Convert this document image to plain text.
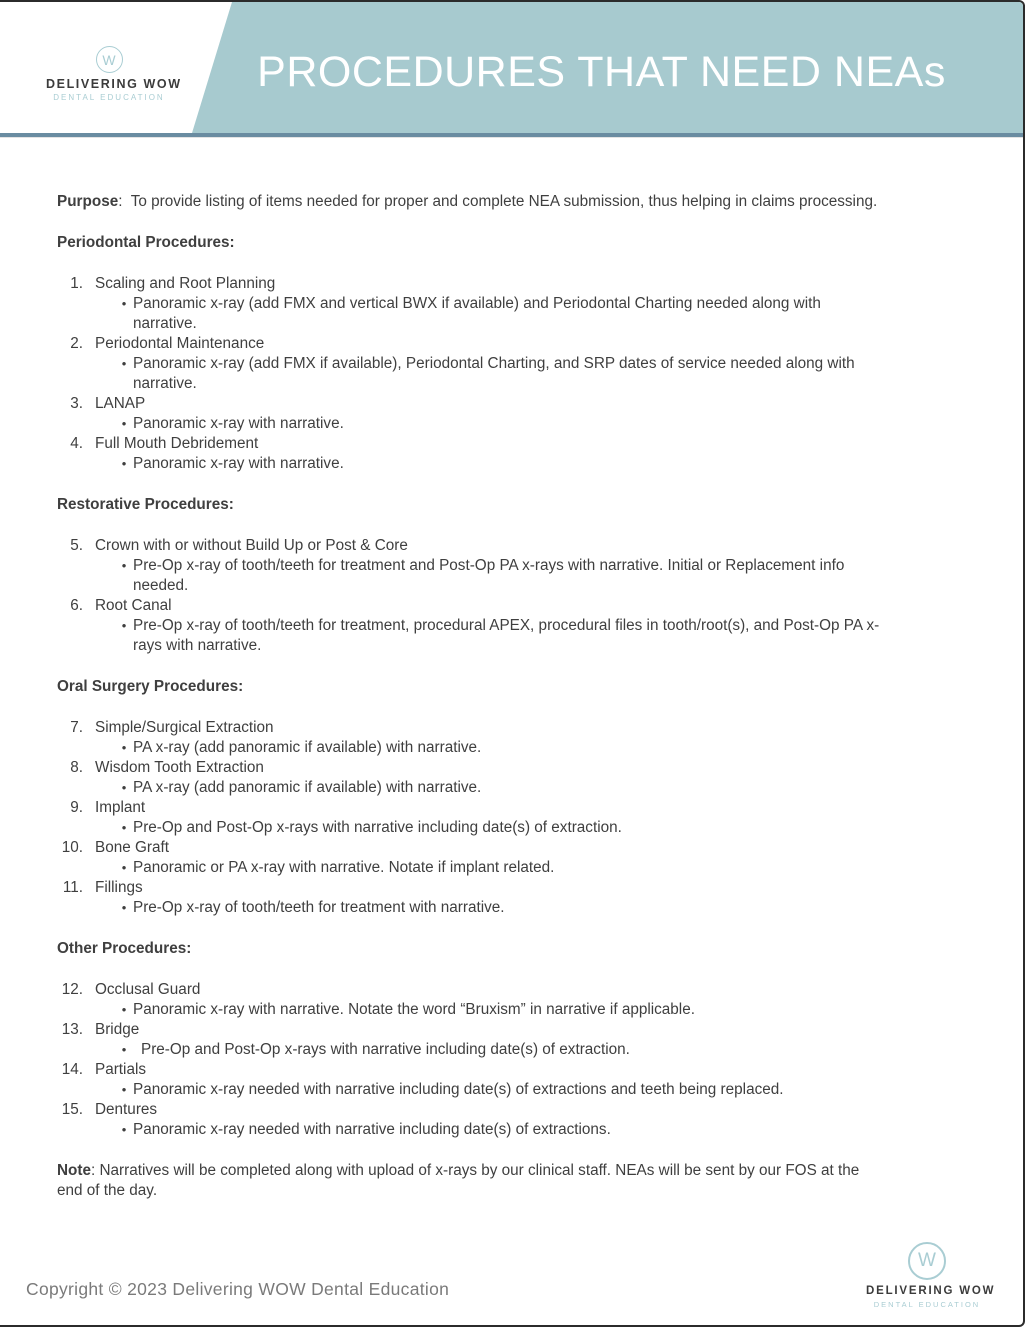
PROCEDURES THAT NEED NEAs
W
DELIVERING WOW
DENTAL EDUCATION

Purpose:  To provide listing of items needed for proper and complete NEA submission, thus helping in claims processing.

Periodontal Procedures:
1. Scaling and Root Planning
• Panoramic x-ray (add FMX and vertical BWX if available) and Periodontal Charting needed along with
narrative.
2. Periodontal Maintenance
• Panoramic x-ray (add FMX if available), Periodontal Charting, and SRP dates of service needed along with
narrative.
3. LANAP
• Panoramic x-ray with narrative.
4. Full Mouth Debridement
• Panoramic x-ray with narrative.
Restorative Procedures:
5. Crown with or without Build Up or Post & Core
• Pre-Op x-ray of tooth/teeth for treatment and Post-Op PA x-rays with narrative. Initial or Replacement info
needed.
6. Root Canal
• Pre-Op x-ray of tooth/teeth for treatment, procedural APEX, procedural files in tooth/root(s), and Post-Op PA x-
rays with narrative.
Oral Surgery Procedures:
7. Simple/Surgical Extraction
• PA x-ray (add panoramic if available) with narrative.
8. Wisdom Tooth Extraction
• PA x-ray (add panoramic if available) with narrative.
9. Implant
• Pre-Op and Post-Op x-rays with narrative including date(s) of extraction.
10. Bone Graft
• Panoramic or PA x-ray with narrative. Notate if implant related.
11. Fillings
• Pre-Op x-ray of tooth/teeth for treatment with narrative.
Other Procedures:
12. Occlusal Guard
• Panoramic x-ray with narrative. Notate the word “Bruxism” in narrative if applicable.
13. Bridge
• Pre-Op and Post-Op x-rays with narrative including date(s) of extraction.
14. Partials
• Panoramic x-ray needed with narrative including date(s) of extractions and teeth being replaced.
15. Dentures
• Panoramic x-ray needed with narrative including date(s) of extractions.

Note: Narratives will be completed along with upload of x-rays by our clinical staff. NEAs will be sent by our FOS at the
end of the day.

Copyright © 2023 Delivering WOW Dental Education
W
DELIVERING WOW
DENTAL EDUCATION
